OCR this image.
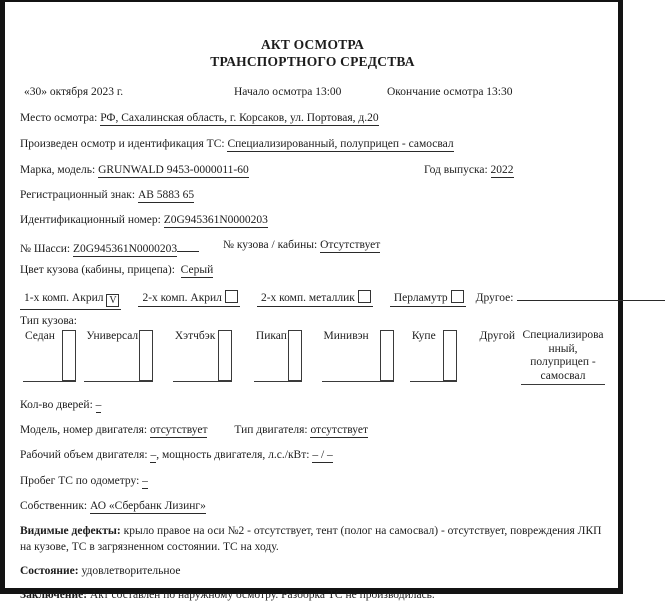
АКТ ОСМОТРА
ТРАНСПОРТНОГО СРЕДСТВА
«30» октября 2023 г.	Начало осмотра 13:00	Окончание осмотра 13:30
Место осмотра: РФ, Сахалинская область, г. Корсаков, ул. Портовая, д.20
Произведен осмотр и идентификация ТС: Специализированный, полуприцеп - самосвал
Марка, модель: GRUNWALD 9453-0000011-60	Год выпуска: 2022
Регистрационный знак: АВ 5883 65
Идентификационный номер: Z0G945361N0000203
№ Шасси: Z0G945361N0000203	№ кузова / кабины: Отсутствует
Цвет кузова (кабины, прицепа): Серый
1-х комп. Акрил V 2-х комп. Акрил	2-х комп. металлик	Перламутр Другое:
Тип кузова:
Седан	Универсал	Хэтчбэк	Пикап	Минивэн	Купе	Другой Специализированный, полуприцеп - самосвал
Кол-во дверей: –
Модель, номер двигателя: отсутствует Тип двигателя: отсутствует
Рабочий объем двигателя: –, мощность двигателя, л.с./кВт: – / –
Пробег ТС по одометру: –
Собственник: АО «Сбербанк Лизинг»
Видимые дефекты: крыло правое на оси №2 - отсутствует, тент (полог на самосвал) - отсутствует, повреждения ЛКП на кузове, ТС в загрязненном состоянии. ТС на ходу.
Состояние: удовлетворительное
Заключение: Акт составлен по наружному осмотру. Разборка ТС не производилась.
